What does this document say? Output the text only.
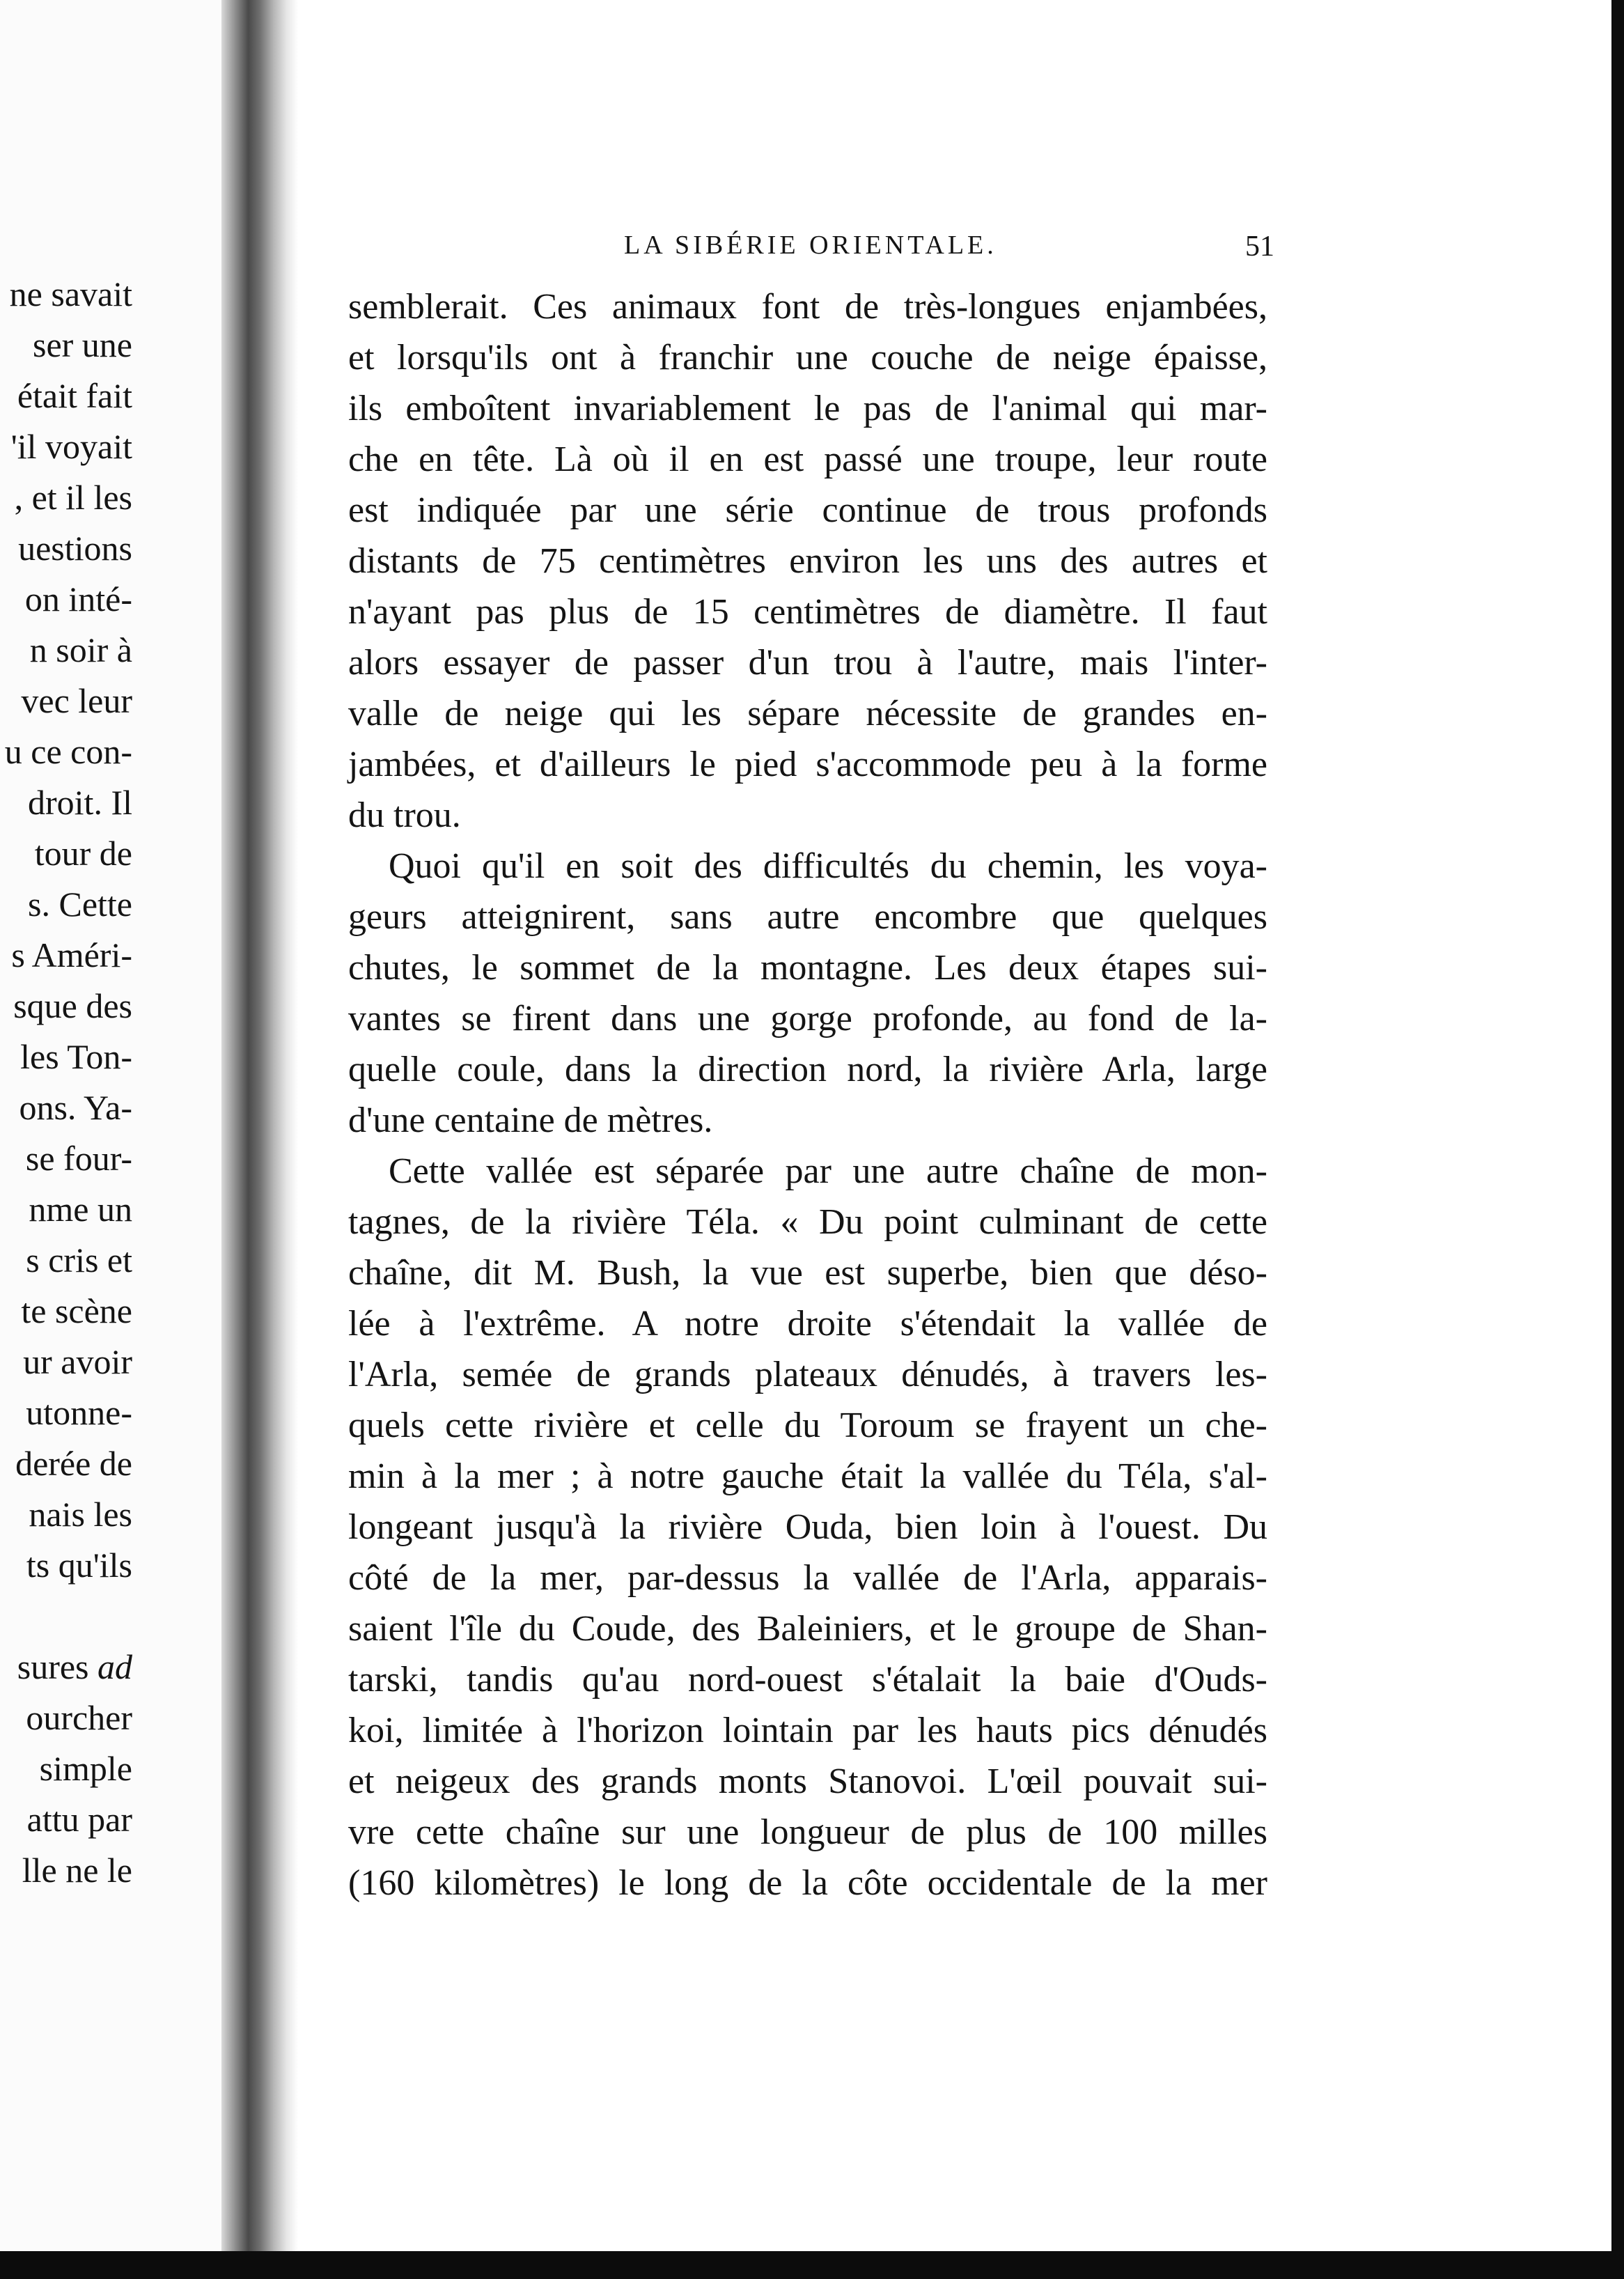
ne savait
ser une
était fait
'il voyait
, et il les
uestions
on inté-
n soir à
vec leur
u ce con-
droit. Il
tour de
s. Cette
s Améri-
sque des
les Ton-
ons. Ya-
se four-
nme un
s cris et
te scène
ur avoir
utonne-
derée de
nais les
ts qu'ils
sures ad
ourcher
simple
attu par
lle ne le
LA SIBÉRIE ORIENTALE.	51
semblerait. Ces animaux font de très-longues enjambées,
et lorsqu'ils ont à franchir une couche de neige épaisse,
ils emboîtent invariablement le pas de l'animal qui mar-
che en tête. Là où il en est passé une troupe, leur route
est indiquée par une série continue de trous profonds
distants de 75 centimètres environ les uns des autres et
n'ayant pas plus de 15 centimètres de diamètre. Il faut
alors essayer de passer d'un trou à l'autre, mais l'inter-
valle de neige qui les sépare nécessite de grandes en-
jambées, et d'ailleurs le pied s'accommode peu à la forme
du trou.
Quoi qu'il en soit des difficultés du chemin, les voya-
geurs atteignirent, sans autre encombre que quelques
chutes, le sommet de la montagne. Les deux étapes sui-
vantes se firent dans une gorge profonde, au fond de la-
quelle coule, dans la direction nord, la rivière Arla, large
d'une centaine de mètres.
Cette vallée est séparée par une autre chaîne de mon-
tagnes, de la rivière Téla. « Du point culminant de cette
chaîne, dit M. Bush, la vue est superbe, bien que déso-
lée à l'extrême. A notre droite s'étendait la vallée de
l'Arla, semée de grands plateaux dénudés, à travers les-
quels cette rivière et celle du Toroum se frayent un che-
min à la mer ; à notre gauche était la vallée du Téla, s'al-
longeant jusqu'à la rivière Ouda, bien loin à l'ouest. Du
côté de la mer, par-dessus la vallée de l'Arla, apparais-
saient l'île du Coude, des Baleiniers, et le groupe de Shan-
tarski, tandis qu'au nord-ouest s'étalait la baie d'Ouds-
koi, limitée à l'horizon lointain par les hauts pics dénudés
et neigeux des grands monts Stanovoi. L'œil pouvait sui-
vre cette chaîne sur une longueur de plus de 100 milles
(160 kilomètres) le long de la côte occidentale de la mer
